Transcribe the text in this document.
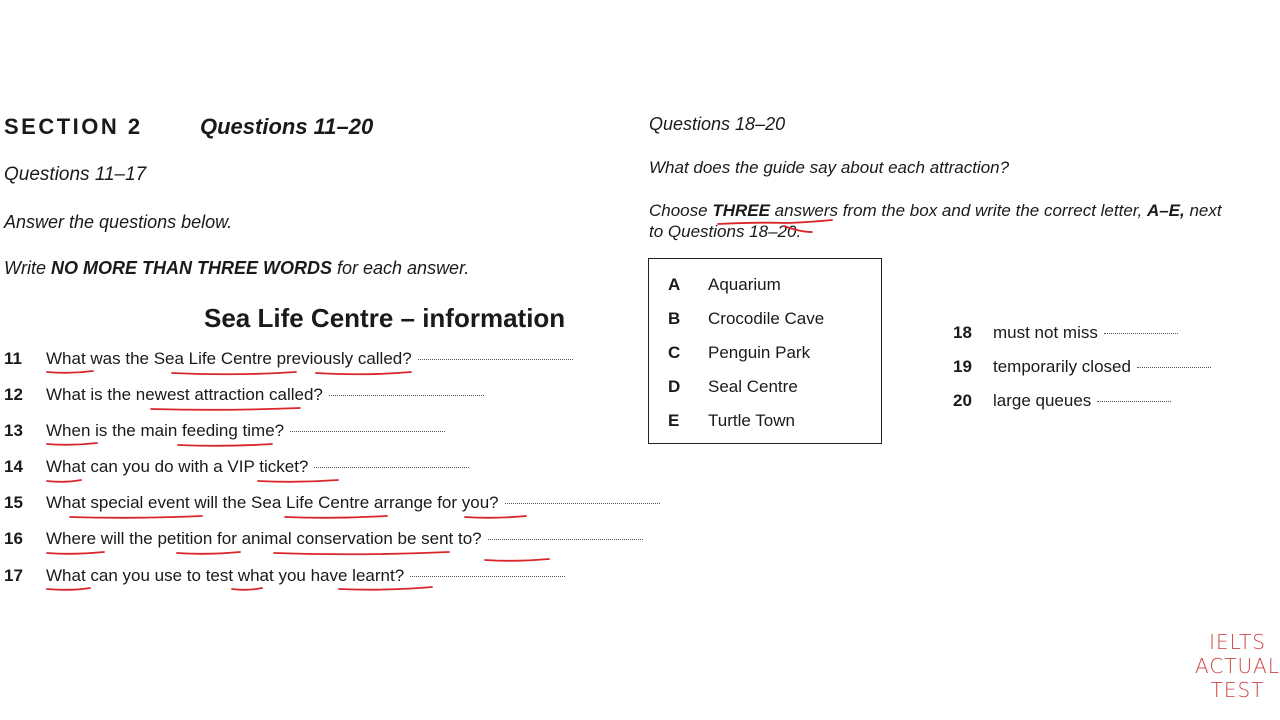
SECTION 2	Questions 11–20
Questions 11–17
Answer the questions below.
Write NO MORE THAN THREE WORDS for each answer.
Sea Life Centre – information
11 What was the Sea Life Centre previously called?
12 What is the newest attraction called?
13 When is the main feeding time?
14 What can you do with a VIP ticket?
15 What special event will the Sea Life Centre arrange for you?
16 Where will the petition for animal conservation be sent to?
17 What can you use to test what you have learnt?
Questions 18–20
What does the guide say about each attraction?
Choose THREE answers from the box and write the correct letter, A–E, next
to Questions 18–20.
A	Aquarium
B	Crocodile Cave
C	Penguin Park
D	Seal Centre
E	Turtle Town
18 must not miss
19 temporarily closed
20 large queues
IELTS
ACTUAL
TEST
